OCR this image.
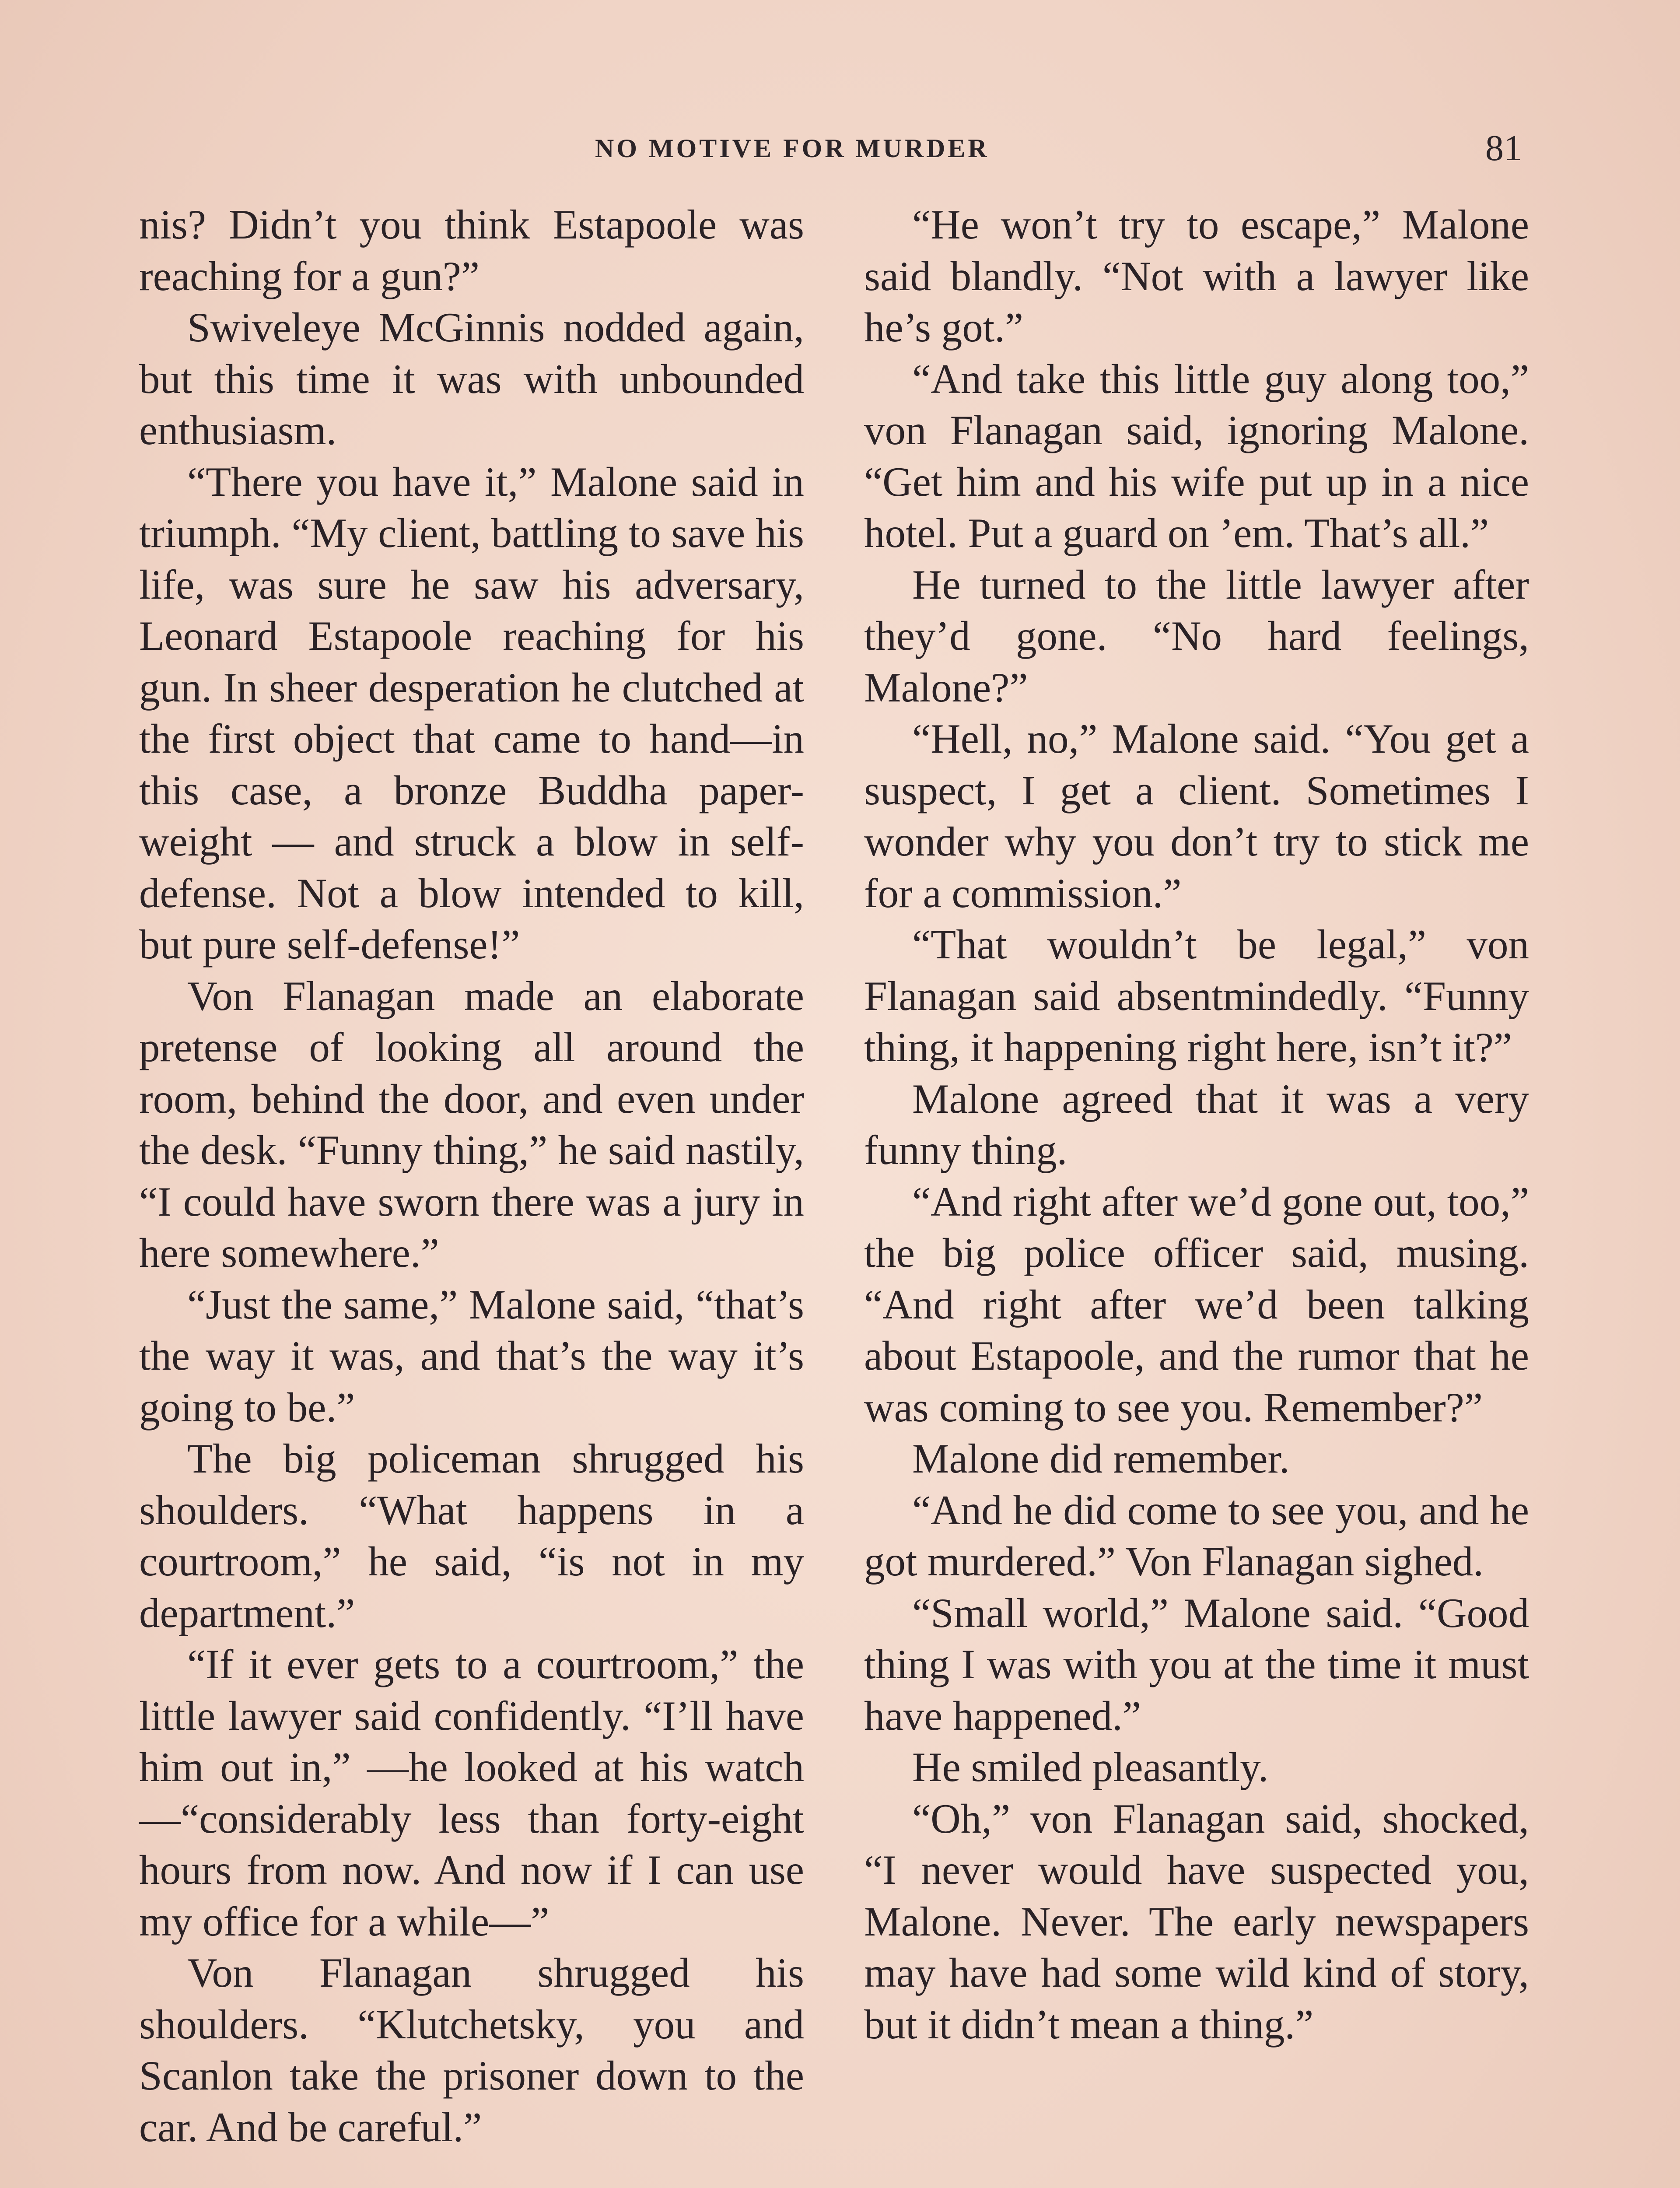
NO MOTIVE FOR MURDER	81

nis? Didn’t you think Estapoole was reaching for a gun?”

Swiveleye McGinnis nodded again, but this time it was with unbounded enthusiasm.

“There you have it,” Malone said in triumph. “My client, battling to save his life, was sure he saw his adversary, Leonard Estapoole reaching for his gun. In sheer desperation he clutched at the first object that came to hand—in this case, a bronze Buddha paper-weight — and struck a blow in self-defense. Not a blow intended to kill, but pure self-defense!”

Von Flanagan made an elaborate pretense of looking all around the room, behind the door, and even under the desk. “Funny thing,” he said nastily, “I could have sworn there was a jury in here somewhere.”

“Just the same,” Malone said, “that’s the way it was, and that’s the way it’s going to be.”

The big policeman shrugged his shoulders. “What happens in a courtroom,” he said, “is not in my department.”

“If it ever gets to a courtroom,” the little lawyer said confidently. “I’ll have him out in,” —he looked at his watch—“considerably less than forty-eight hours from now. And now if I can use my office for a while—”

Von Flanagan shrugged his shoulders. “Klutchetsky, you and Scanlon take the prisoner down to the car. And be careful.”

“He won’t try to escape,” Malone said blandly. “Not with a lawyer like he’s got.”

“And take this little guy along too,” von Flanagan said, ignoring Malone. “Get him and his wife put up in a nice hotel. Put a guard on ’em. That’s all.”

He turned to the little lawyer after they’d gone. “No hard feelings, Malone?”

“Hell, no,” Malone said. “You get a suspect, I get a client. Sometimes I wonder why you don’t try to stick me for a commission.”

“That wouldn’t be legal,” von Flanagan said absentmindedly. “Funny thing, it happening right here, isn’t it?”

Malone agreed that it was a very funny thing.

“And right after we’d gone out, too,” the big police officer said, musing. “And right after we’d been talking about Estapoole, and the rumor that he was coming to see you. Remember?”

Malone did remember.

“And he did come to see you, and he got murdered.” Von Flanagan sighed.

“Small world,” Malone said. “Good thing I was with you at the time it must have happened.”

He smiled pleasantly.

“Oh,” von Flanagan said, shocked, “I never would have suspected you, Malone. Never. The early newspapers may have had some wild kind of story, but it didn’t mean a thing.”
